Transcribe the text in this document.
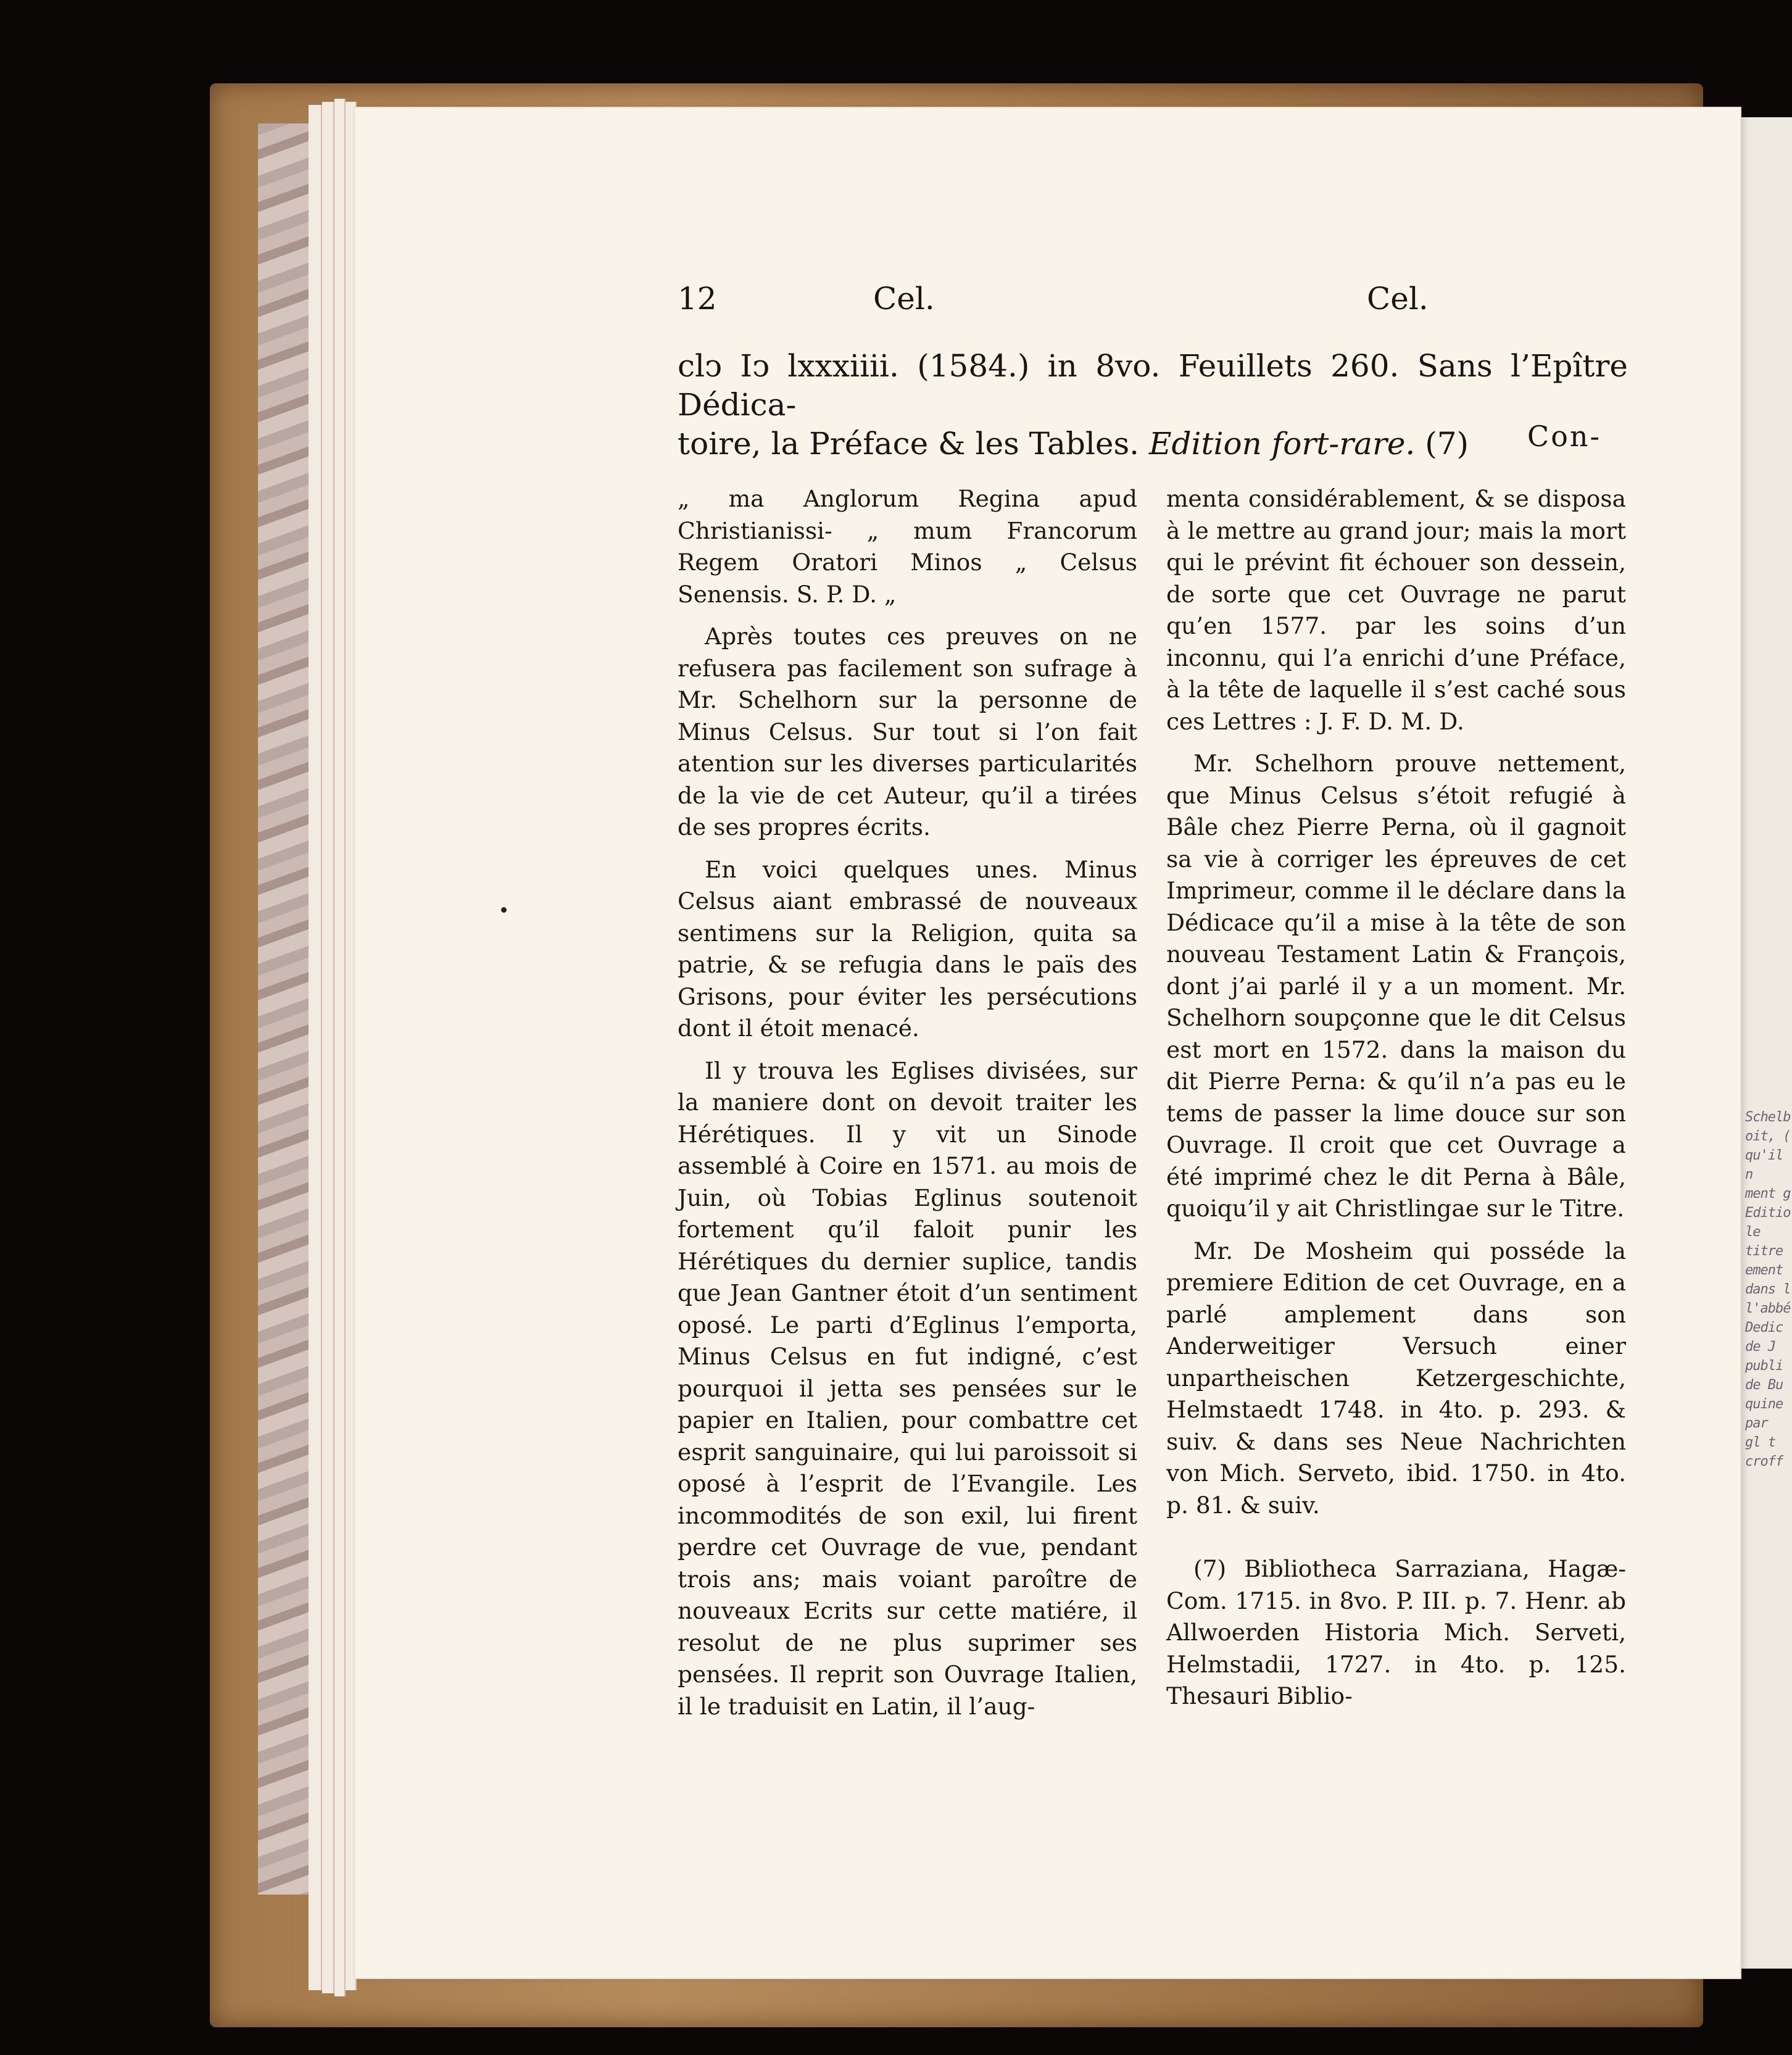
12	Cel.	Cel.
clↄ Iↄ lxxxiiii. (1584.) in 8vo. Feuillets 260. Sans l’Epître Dédica-
toire, la Préface & les Tables. Edition fort-rare. (7)	Con-

„ ma Anglorum Regina apud Christianissi- „ mum Francorum Regem Oratori Minos „ Celsus Senensis. S. P. D. „

Après toutes ces preuves on ne refusera pas facilement son sufrage à Mr. Schelhorn sur la personne de Minus Celsus. Sur tout si l’on fait atention sur les diverses particularités de la vie de cet Auteur, qu’il a tirées de ses propres écrits.

En voici quelques unes. Minus Celsus aiant embrassé de nouveaux sentimens sur la Religion, quita sa patrie, & se refugia dans le païs des Grisons, pour éviter les persécutions dont il étoit menacé.

Il y trouva les Eglises divisées, sur la maniere dont on devoit traiter les Hérétiques. Il y vit un Sinode assemblé à Coire en 1571. au mois de Juin, où Tobias Eglinus soutenoit fortement qu’il faloit punir les Hérétiques du dernier suplice, tandis que Jean Gantner étoit d’un sentiment oposé. Le parti d’Eglinus l’emporta, Minus Celsus en fut indigné, c’est pourquoi il jetta ses pensées sur le papier en Italien, pour combattre cet esprit sanguinaire, qui lui paroissoit si oposé à l’esprit de l’Evangile. Les incommodités de son exil, lui firent perdre cet Ouvrage de vue, pendant trois ans; mais voiant paroître de nouveaux Ecrits sur cette matiére, il resolut de ne plus suprimer ses pensées. Il reprit son Ouvrage Italien, il le traduisit en Latin, il l’aug-

menta considérablement, & se disposa à le mettre au grand jour; mais la mort qui le prévint fit échouer son dessein, de sorte que cet Ouvrage ne parut qu’en 1577. par les soins d’un inconnu, qui l’a enrichi d’une Préface, à la tête de laquelle il s’est caché sous ces Lettres : J. F. D. M. D.

Mr. Schelhorn prouve nettement, que Minus Celsus s’étoit refugié à Bâle chez Pierre Perna, où il gagnoit sa vie à corriger les épreuves de cet Imprimeur, comme il le déclare dans la Dédicace qu’il a mise à la tête de son nouveau Testament Latin & François, dont j’ai parlé il y a un moment. Mr. Schelhorn soupçonne que le dit Celsus est mort en 1572. dans la maison du dit Pierre Perna: & qu’il n’a pas eu le tems de passer la lime douce sur son Ouvrage. Il croit que cet Ouvrage a été imprimé chez le dit Perna à Bâle, quoiqu’il y ait Christlingae sur le Titre.

Mr. De Mosheim qui posséde la premiere Edition de cet Ouvrage, en a parlé amplement dans son Anderweitiger Versuch einer unpartheischen Ketzergeschichte, Helmstaedt 1748. in 4to. p. 293. & suiv. & dans ses Neue Nachrichten von Mich. Serveto, ibid. 1750. in 4to. p. 81. & suiv.

(7) Bibliotheca Sarraziana, Hagæ-Com. 1715. in 8vo. P. III. p. 7. Henr. ab Allwoerden Historia Mich. Serveti, Helmstadii, 1727. in 4to. p. 125. Thesauri Biblio-

Schelb
oit, (
qu'il n
ment g
Editio
le titre
ement
dans l
l'abbé
Dedic
de J
publi
de Bu
quine
par
gl t
croff
